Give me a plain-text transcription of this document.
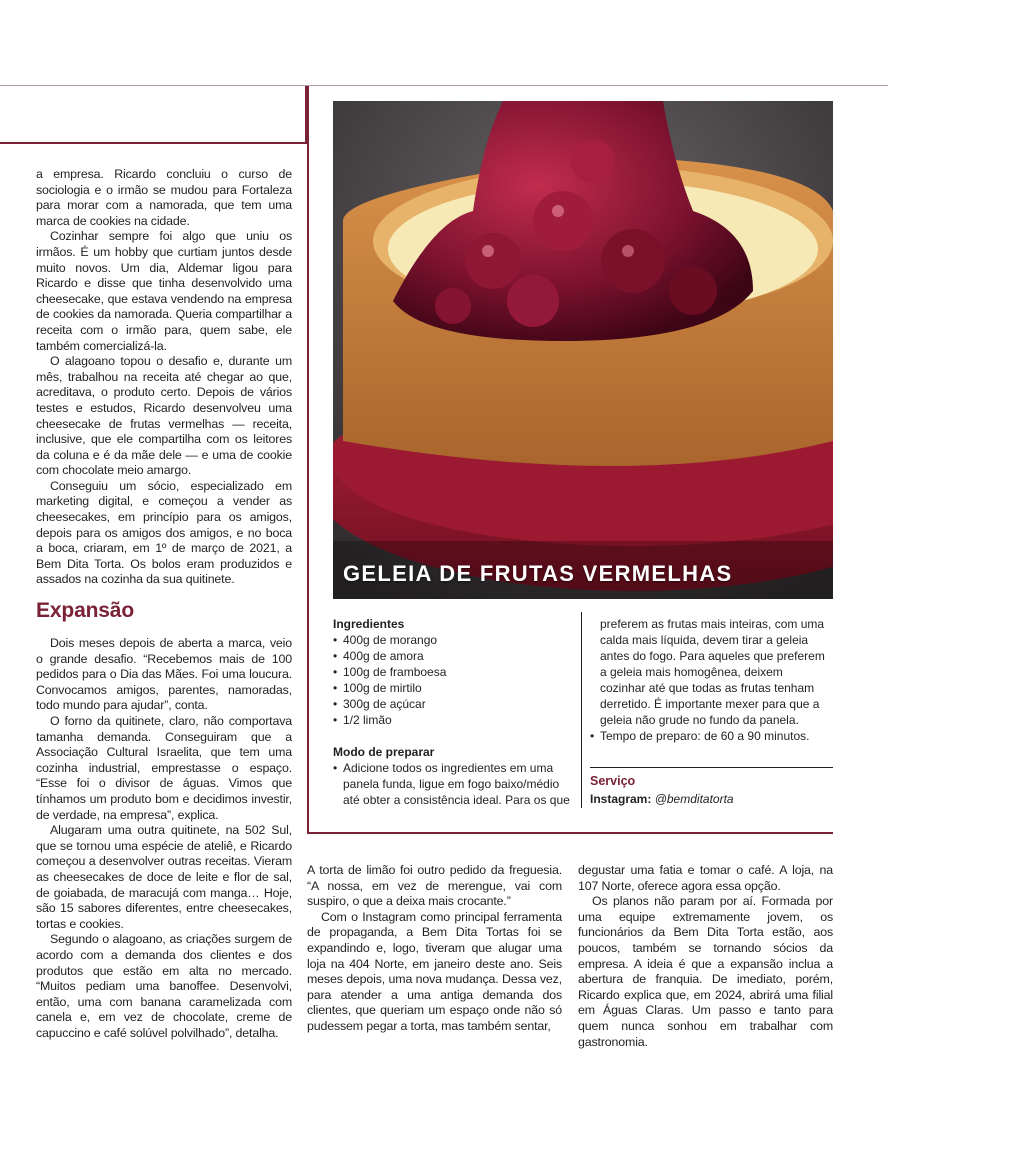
a empresa. Ricardo concluiu o curso de sociologia e o irmão se mudou para Fortaleza para morar com a namorada, que tem uma marca de cookies na cidade.

Cozinhar sempre foi algo que uniu os irmãos. É um hobby que curtiam juntos desde muito novos. Um dia, Aldemar ligou para Ricardo e disse que tinha desenvolvido uma cheesecake, que estava vendendo na empresa de cookies da namorada. Queria compartilhar a receita com o irmão para, quem sabe, ele também comercializá-la.

O alagoano topou o desafio e, durante um mês, trabalhou na receita até chegar ao que, acreditava, o produto certo. Depois de vários testes e estudos, Ricardo desenvolveu uma cheesecake de frutas vermelhas — receita, inclusive, que ele compartilha com os leitores da coluna e é da mãe dele — e uma de cookie com chocolate meio amargo.

Conseguiu um sócio, especializado em marketing digital, e começou a vender as cheesecakes, em princípio para os amigos, depois para os amigos dos amigos, e no boca a boca, criaram, em 1º de março de 2021, a Bem Dita Torta. Os bolos eram produzidos e assados na cozinha da sua quitinete.

Expansão

Dois meses depois de aberta a marca, veio o grande desafio. “Recebemos mais de 100 pedidos para o Dia das Mães. Foi uma loucura. Convocamos amigos, parentes, namoradas, todo mundo para ajudar”, conta.

O forno da quitinete, claro, não comportava tamanha demanda. Conseguiram que a Associação Cultural Israelita, que tem uma cozinha industrial, emprestasse o espaço. “Esse foi o divisor de águas. Vimos que tínhamos um produto bom e decidimos investir, de verdade, na empresa”, explica.

Alugaram uma outra quitinete, na 502 Sul, que se tornou uma espécie de ateliê, e Ricardo começou a desenvolver outras receitas. Vieram as cheesecakes de doce de leite e flor de sal, de goiabada, de maracujá com manga… Hoje, são 15 sabores diferentes, entre cheesecakes, tortas e cookies.

Segundo o alagoano, as criações surgem de acordo com a demanda dos clientes e dos produtos que estão em alta no mercado. “Muitos pediam uma banoffee. Desenvolvi, então, uma com banana caramelizada com canela e, em vez de chocolate, creme de capuccino e café solúvel polvilhado”, detalha.

GELEIA DE FRUTAS VERMELHAS
Ingredientes
• 400g de morango
• 400g de amora
• 100g de framboesa
• 100g de mirtilo
• 300g de açúcar
• 1/2 limão
Modo de preparar
• Adicione todos os ingredientes em uma panela funda, ligue em fogo baixo/médio até obter a consistência ideal. Para os que
preferem as frutas mais inteiras, com uma calda mais líquida, devem tirar a geleia antes do fogo. Para aqueles que preferem a geleia mais homogênea, deixem cozinhar até que todas as frutas tenham derretido. É importante mexer para que a geleia não grude no fundo da panela.
• Tempo de preparo: de 60 a 90 minutos.
Serviço
Instagram: @bemditatorta

A torta de limão foi outro pedido da freguesia. “A nossa, em vez de merengue, vai com suspiro, o que a deixa mais crocante.”

Com o Instagram como principal ferramenta de propaganda, a Bem Dita Tortas foi se expandindo e, logo, tiveram que alugar uma loja na 404 Norte, em janeiro deste ano. Seis meses depois, uma nova mudança. Dessa vez, para atender a uma antiga demanda dos clientes, que queriam um espaço onde não só pudessem pegar a torta, mas também sentar,

degustar uma fatia e tomar o café. A loja, na 107 Norte, oferece agora essa opção.

Os planos não param por aí. Formada por uma equipe extremamente jovem, os funcionários da Bem Dita Torta estão, aos poucos, também se tornando sócios da empresa. A ideia é que a expansão inclua a abertura de franquia. De imediato, porém, Ricardo explica que, em 2024, abrirá uma filial em Águas Claras. Um passo e tanto para quem nunca sonhou em trabalhar com gastronomia.
